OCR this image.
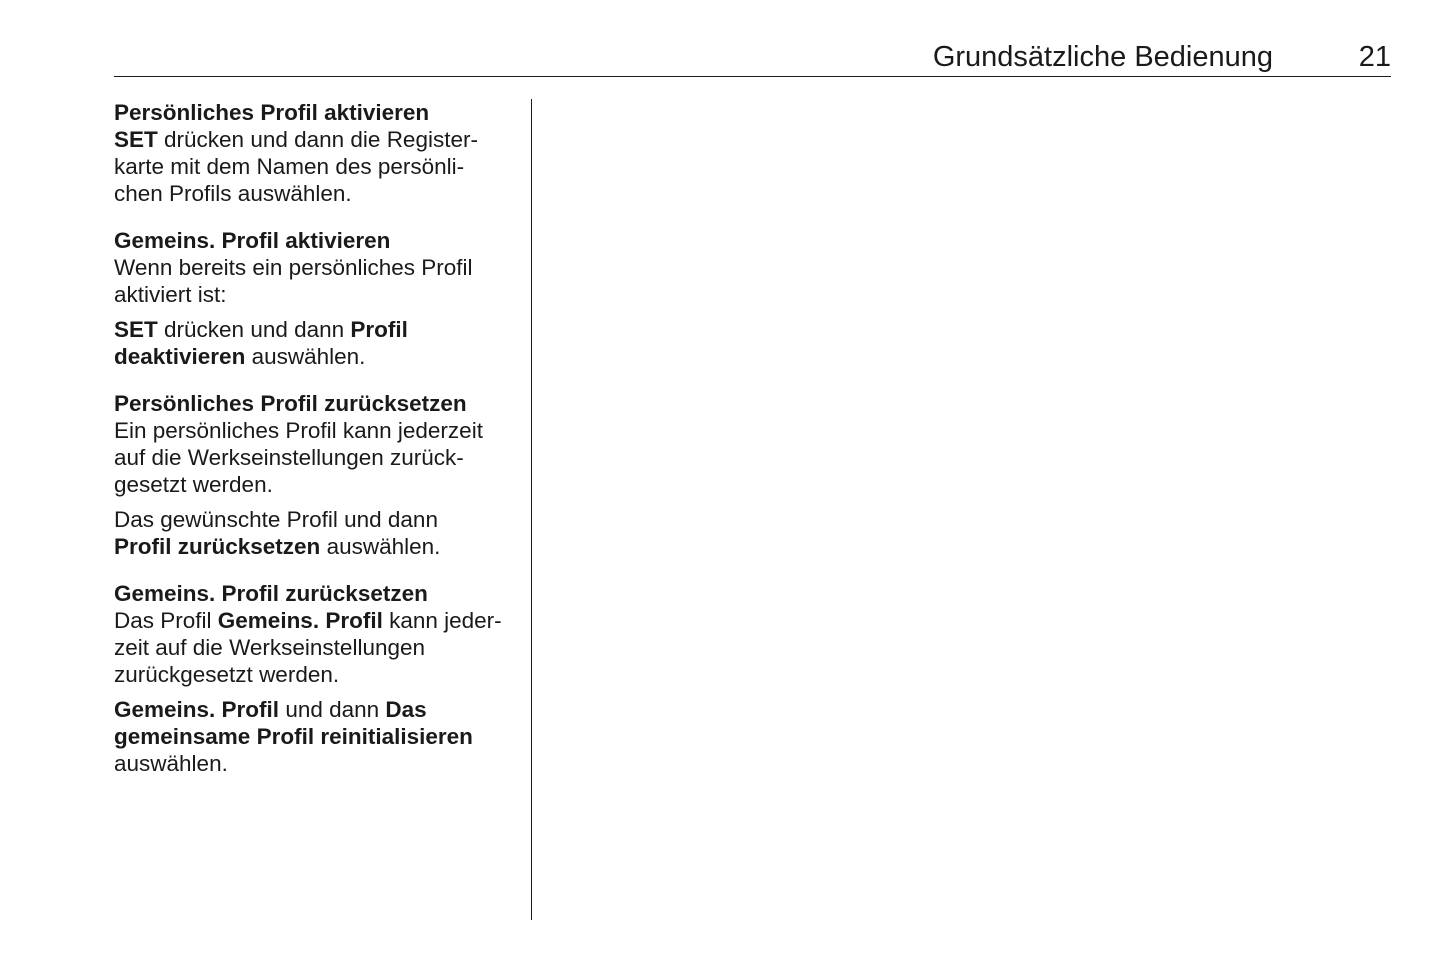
Grundsätzliche Bedienung	21

Persönliches Profil aktivieren

SET drücken und dann die Register-
karte mit dem Namen des persönli-
chen Profils auswählen.

Gemeins. Profil aktivieren

Wenn bereits ein persönliches Profil
aktiviert ist:

SET drücken und dann Profil
deaktivieren auswählen.

Persönliches Profil zurücksetzen

Ein persönliches Profil kann jederzeit
auf die Werkseinstellungen zurück-
gesetzt werden.

Das gewünschte Profil und dann
Profil zurücksetzen auswählen.

Gemeins. Profil zurücksetzen

Das Profil Gemeins. Profil kann jeder-
zeit auf die Werkseinstellungen
zurückgesetzt werden.

Gemeins. Profil und dann Das
gemeinsame Profil reinitialisieren
auswählen.
